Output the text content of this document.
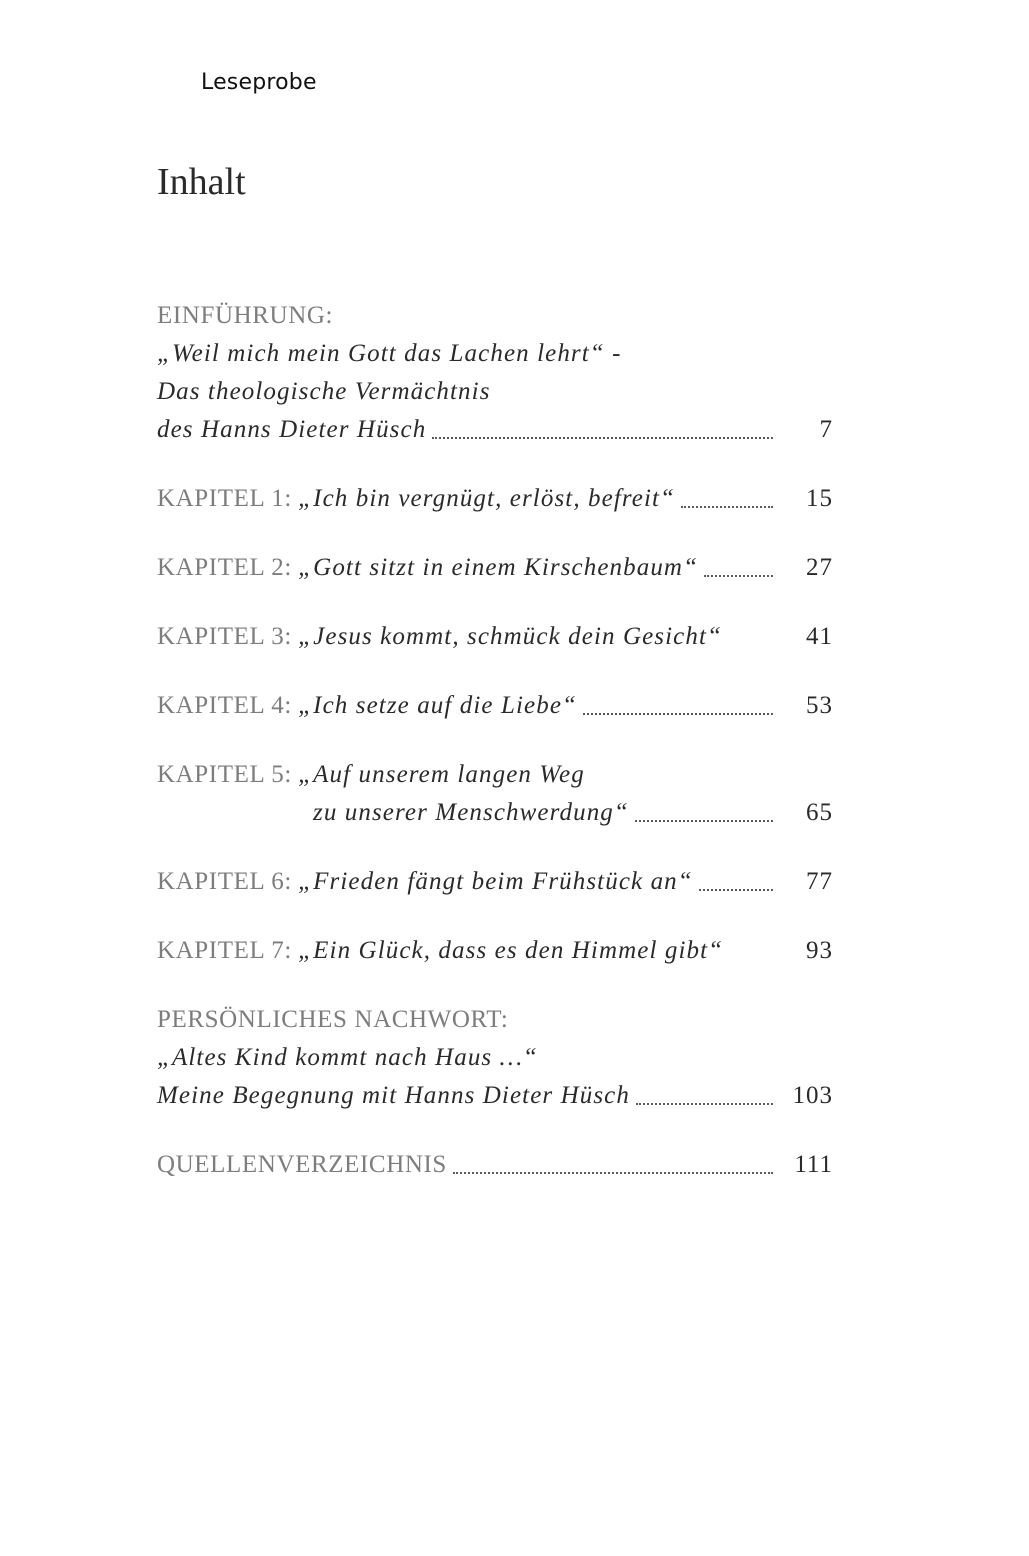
Leseprobe
Inhalt
EINFÜHRUNG:
„Weil mich mein Gott das Lachen lehrt“ -
Das theologische Vermächtnis
des Hanns Dieter Hüsch	7
KAPITEL 1: „Ich bin vergnügt, erlöst, befreit“	15
KAPITEL 2: „Gott sitzt in einem Kirschenbaum“	27
KAPITEL 3: „Jesus kommt, schmück dein Gesicht“	41
KAPITEL 4: „Ich setze auf die Liebe“	53
KAPITEL 5: „Auf unserem langen Weg
zu unserer Menschwerdung“	65
KAPITEL 6: „Frieden fängt beim Frühstück an“	77
KAPITEL 7: „Ein Glück, dass es den Himmel gibt“	93
PERSÖNLICHES NACHWORT:
„Altes Kind kommt nach Haus …“
Meine Begegnung mit Hanns Dieter Hüsch	103
QUELLENVERZEICHNIS	111
